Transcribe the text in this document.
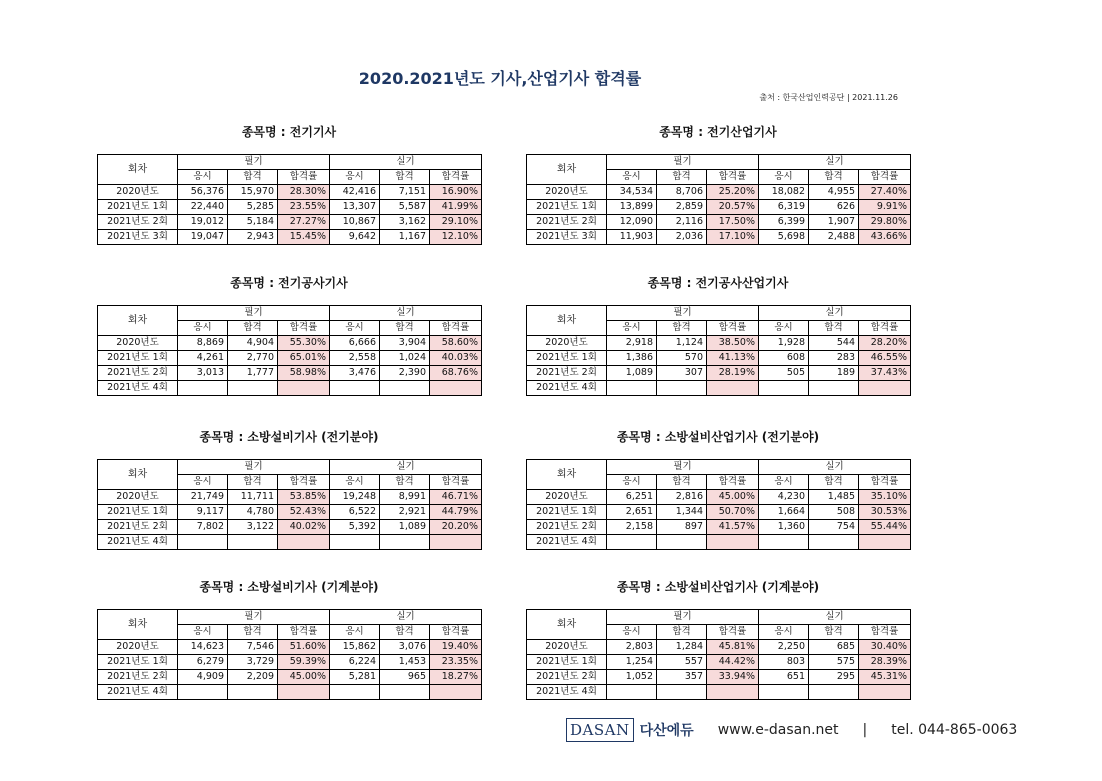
2020.2021년도 기사,산업기사 합격률
출처 : 한국산업인력공단 | 2021.11.26
종목명 : 전기기사
회차	필기			실기		
	응시	합격	합격률	응시	합격	합격률
2020년도	56,376	15,970	28.30%	42,416	7,151	16.90%
2021년도 1회	22,440	5,285	23.55%	13,307	5,587	41.99%
2021년도 2회	19,012	5,184	27.27%	10,867	3,162	29.10%
2021년도 3회	19,047	2,943	15.45%	9,642	1,167	12.10%
종목명 : 전기산업기사
회차	필기			실기		
	응시	합격	합격률	응시	합격	합격률
2020년도	34,534	8,706	25.20%	18,082	4,955	27.40%
2021년도 1회	13,899	2,859	20.57%	6,319	626	9.91%
2021년도 2회	12,090	2,116	17.50%	6,399	1,907	29.80%
2021년도 3회	11,903	2,036	17.10%	5,698	2,488	43.66%
종목명 : 전기공사기사
회차	필기			실기		
	응시	합격	합격률	응시	합격	합격률
2020년도	8,869	4,904	55.30%	6,666	3,904	58.60%
2021년도 1회	4,261	2,770	65.01%	2,558	1,024	40.03%
2021년도 2회	3,013	1,777	58.98%	3,476	2,390	68.76%
2021년도 4회						
종목명 : 전기공사산업기사
회차	필기			실기		
	응시	합격	합격률	응시	합격	합격률
2020년도	2,918	1,124	38.50%	1,928	544	28.20%
2021년도 1회	1,386	570	41.13%	608	283	46.55%
2021년도 2회	1,089	307	28.19%	505	189	37.43%
2021년도 4회						
종목명 : 소방설비기사 (전기분야)
회차	필기			실기		
	응시	합격	합격률	응시	합격	합격률
2020년도	21,749	11,711	53.85%	19,248	8,991	46.71%
2021년도 1회	9,117	4,780	52.43%	6,522	2,921	44.79%
2021년도 2회	7,802	3,122	40.02%	5,392	1,089	20.20%
2021년도 4회						
종목명 : 소방설비산업기사 (전기분야)
회차	필기			실기		
	응시	합격	합격률	응시	합격	합격률
2020년도	6,251	2,816	45.00%	4,230	1,485	35.10%
2021년도 1회	2,651	1,344	50.70%	1,664	508	30.53%
2021년도 2회	2,158	897	41.57%	1,360	754	55.44%
2021년도 4회						
종목명 : 소방설비기사 (기계분야)
회차	필기			실기		
	응시	합격	합격률	응시	합격	합격률
2020년도	14,623	7,546	51.60%	15,862	3,076	19.40%
2021년도 1회	6,279	3,729	59.39%	6,224	1,453	23.35%
2021년도 2회	4,909	2,209	45.00%	5,281	965	18.27%
2021년도 4회						
종목명 : 소방설비산업기사 (기계분야)
회차	필기			실기		
	응시	합격	합격률	응시	합격	합격률
2020년도	2,803	1,284	45.81%	2,250	685	30.40%
2021년도 1회	1,254	557	44.42%	803	575	28.39%
2021년도 2회	1,052	357	33.94%	651	295	45.31%
2021년도 4회						
DASAN 다산에듀 www.e-dasan.net | tel. 044-865-0063
